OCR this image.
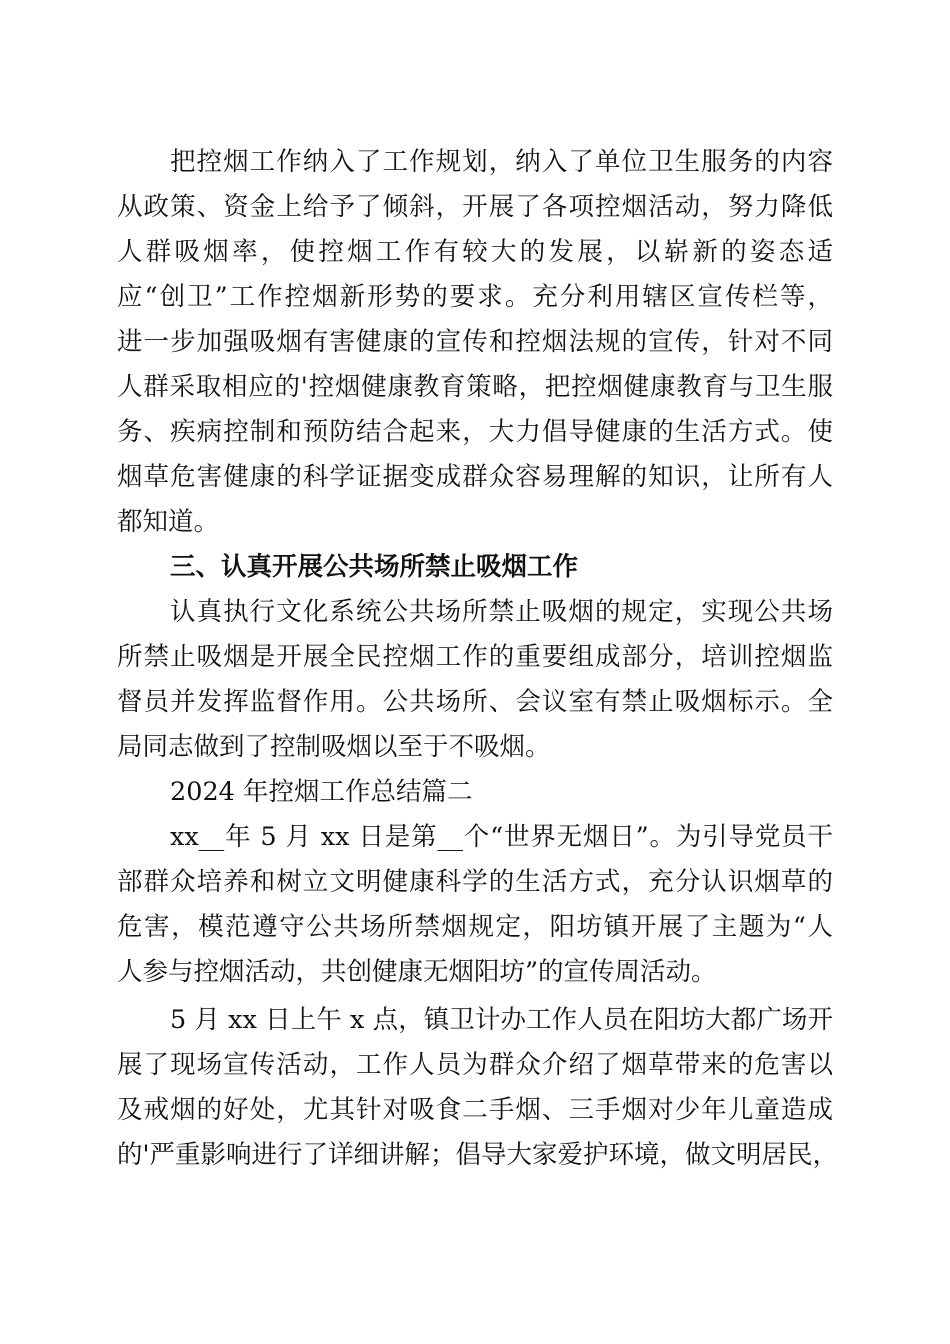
把控烟工作纳入了工作规划，纳入了单位卫生服务的内容
从政策、资金上给予了倾斜，开展了各项控烟活动，努力降低
人群吸烟率，使控烟工作有较大的发展，以崭新的姿态适
应“创卫”工作控烟新形势的要求。充分利用辖区宣传栏等，
进一步加强吸烟有害健康的宣传和控烟法规的宣传，针对不同
人群采取相应的'控烟健康教育策略，把控烟健康教育与卫生服
务、疾病控制和预防结合起来，大力倡导健康的生活方式。使
烟草危害健康的科学证据变成群众容易理解的知识，让所有人
都知道。
三、认真开展公共场所禁止吸烟工作
认真执行文化系统公共场所禁止吸烟的规定，实现公共场
所禁止吸烟是开展全民控烟工作的重要组成部分，培训控烟监
督员并发挥监督作用。公共场所、会议室有禁止吸烟标示。全
局同志做到了控制吸烟以至于不吸烟。
2024 年控烟工作总结篇二
xx__年 5 月 xx 日是第__个“世界无烟日”。为引导党员干
部群众培养和树立文明健康科学的生活方式，充分认识烟草的
危害，模范遵守公共场所禁烟规定，阳坊镇开展了主题为“人
人参与控烟活动，共创健康无烟阳坊”的宣传周活动。
5 月 xx 日上午 x 点，镇卫计办工作人员在阳坊大都广场开
展了现场宣传活动，工作人员为群众介绍了烟草带来的危害以
及戒烟的好处，尤其针对吸食二手烟、三手烟对少年儿童造成
的'严重影响进行了详细讲解；倡导大家爱护环境，做文明居民，
